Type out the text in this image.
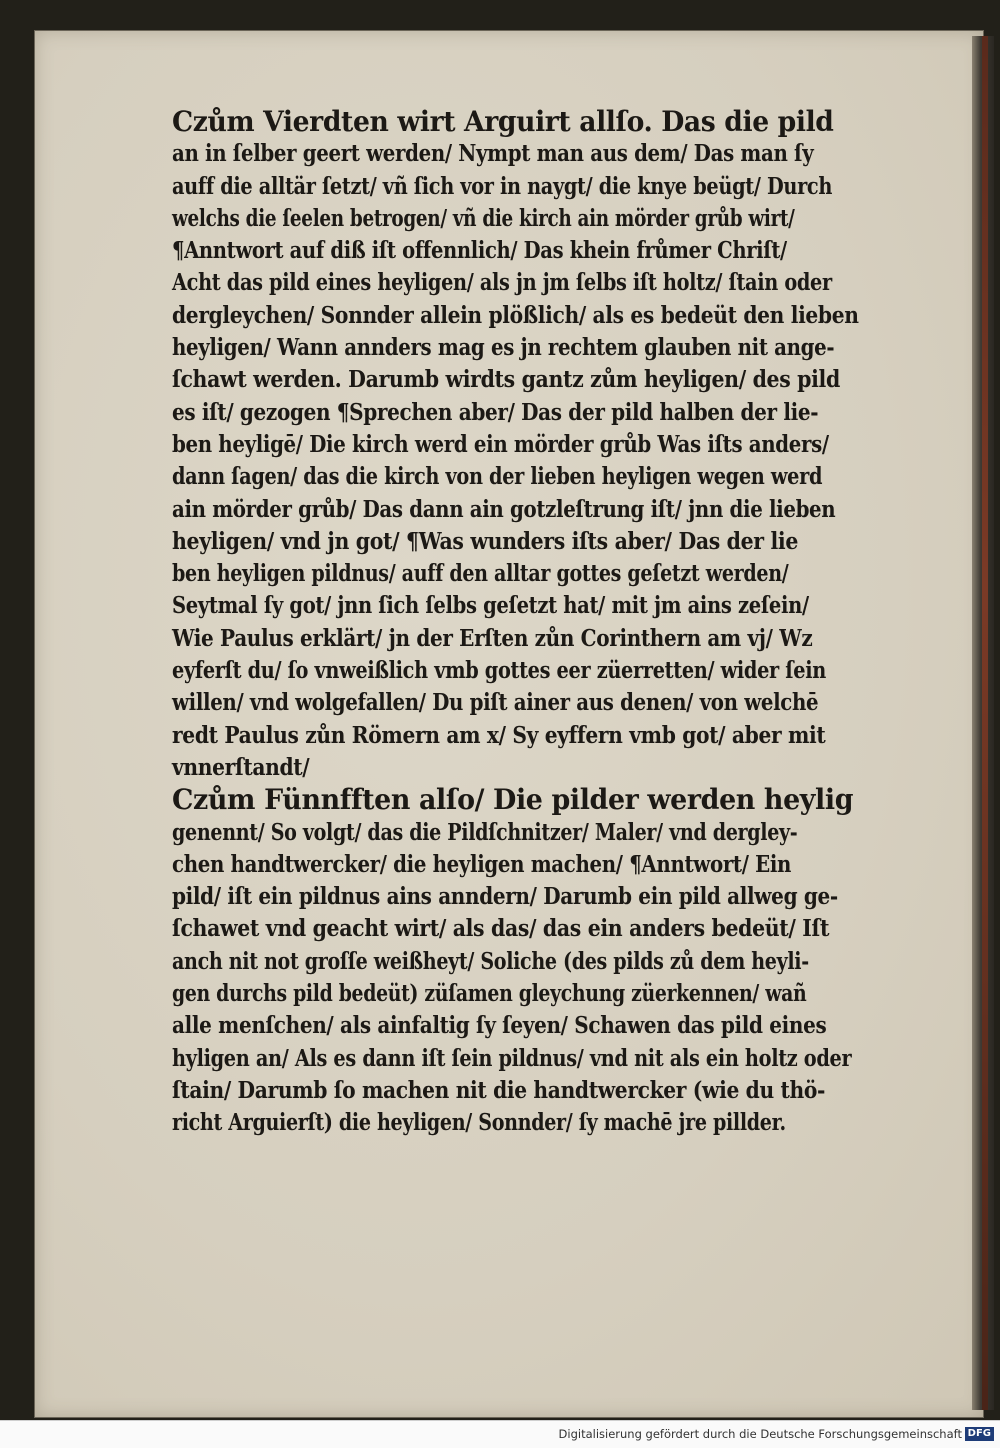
Czům Vierdten wirt Arguirt allſo. Das die pild
an in ſelber geert werden/ Nympt man aus dem/ Das man ſy
auff die alltär ſetzt/ vñ ſich vor in naygt/ die knye beügt/ Durch
welchs die ſeelen betrogen/ vñ die kirch ain mörder grůb wirt/
¶Anntwort auf diß iſt offennlich/ Das khein frůmer Chriſt/
Acht das pild eines heyligen/ als jn jm ſelbs iſt holtz/ ſtain oder
dergleychen/ Sonnder allein plößlich/ als es bedeüt den lieben
heyligen/ Wann annders mag es jn rechtem glauben nit ange-
ſchawt werden. Darumb wirdts gantz zům heyligen/ des pild
es iſt/ gezogen ¶Sprechen aber/ Das der pild halben der lie-
ben heyligē/ Die kirch werd ein mörder grůb Was iſts anders/
dann ſagen/ das die kirch von der lieben heyligen wegen werd
ain mörder grůb/ Das dann ain gotzleſtrung iſt/ jnn die lieben
heyligen/ vnd jn got/ ¶Was wunders iſts aber/ Das der lie
ben heyligen pildnus/ auff den alltar gottes geſetzt werden/
Seytmal ſy got/ jnn ſich ſelbs geſetzt hat/ mit jm ains zeſein/
Wie Paulus erklärt/ jn der Erſten zůn Corinthern am vj/ Wz
eyferſt du/ ſo vnweißlich vmb gottes eer züerretten/ wider ſein
willen/ vnd wolgefallen/ Du piſt ainer aus denen/ von welchē
redt Paulus zůn Römern am x/ Sy eyffern vmb got/ aber mit
vnnerſtandt/
Czům Fünnfften alſo/ Die pilder werden heylig
genennt/ So volgt/ das die Pildſchnitzer/ Maler/ vnd dergley-
chen handtwercker/ die heyligen machen/ ¶Anntwort/ Ein
pild/ iſt ein pildnus ains anndern/ Darumb ein pild allweg ge-
ſchawet vnd geacht wirt/ als das/ das ein anders bedeüt/ Iſt
anch nit not groſſe weißheyt/ Soliche (des pilds zů dem heyli-
gen durchs pild bedeüt) züſamen gleychung züerkennen/ wañ
alle menſchen/ als ainfaltig ſy ſeyen/ Schawen das pild eines
hyligen an/ Als es dann iſt ſein pildnus/ vnd nit als ein holtz oder
ſtain/ Darumb ſo machen nit die handtwercker (wie du thö-
richt Arguierſt) die heyligen/ Sonnder/ ſy machē jre pillder.
Digitalisierung gefördert durch die Deutsche Forschungsgemeinschaft DFG
